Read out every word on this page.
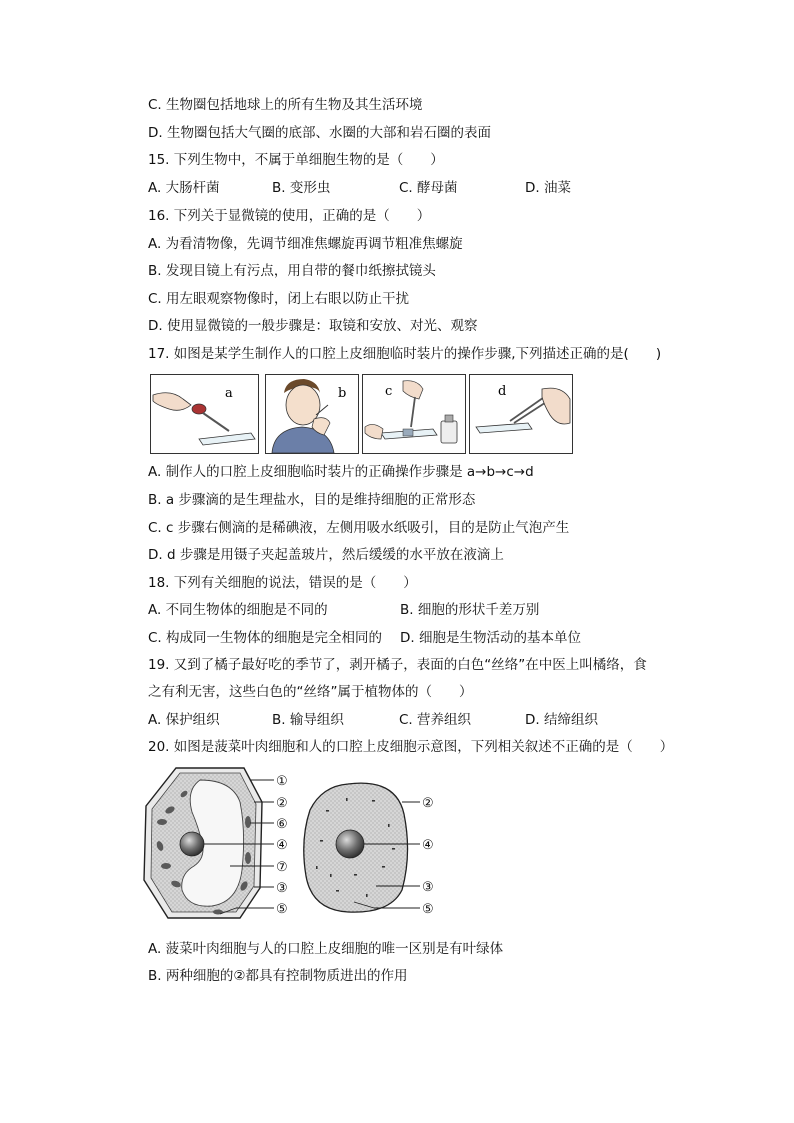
C. 生物圈包括地球上的所有生物及其生活环境
D. 生物圈包括大气圈的底部、水圈的大部和岩石圈的表面
15. 下列生物中，不属于单细胞生物的是（　　）
A. 大肠杆菌	B. 变形虫	C. 酵母菌	D. 油菜
16. 下列关于显微镜的使用，正确的是（　　）
A. 为看清物像，先调节细准焦螺旋再调节粗准焦螺旋
B. 发现目镜上有污点，用自带的餐巾纸擦拭镜头
C. 用左眼观察物像时，闭上右眼以防止干扰
D. 使用显微镜的一般步骤是：取镜和安放、对光、观察
17. 如图是某学生制作人的口腔上皮细胞临时装片的操作步骤,下列描述正确的是(　　)
a	b	c	d
A. 制作人的口腔上皮细胞临时装片的正确操作步骤是 a→b→c→d
B. a 步骤滴的是生理盐水，目的是维持细胞的正常形态
C. c 步骤右侧滴的是稀碘液，左侧用吸水纸吸引，目的是防止气泡产生
D. d 步骤是用镊子夹起盖玻片，然后缓缓的水平放在液滴上
18. 下列有关细胞的说法，错误的是（　　）
A. 不同生物体的细胞是不同的	B. 细胞的形状千差万别
C. 构成同一生物体的细胞是完全相同的 D. 细胞是生物活动的基本单位
19. 又到了橘子最好吃的季节了，剥开橘子，表面的白色“丝络”在中医上叫橘络，食
之有利无害，这些白色的“丝络”属于植物体的（　　）
A. 保护组织	B. 输导组织	C. 营养组织	D. 结缔组织
20. 如图是菠菜叶肉细胞和人的口腔上皮细胞示意图，下列相关叙述不正确的是（　　）
①
②
⑥
④
⑦
③
⑤
②
④
③
⑤
A. 菠菜叶肉细胞与人的口腔上皮细胞的唯一区别是有叶绿体
B. 两种细胞的②都具有控制物质进出的作用
